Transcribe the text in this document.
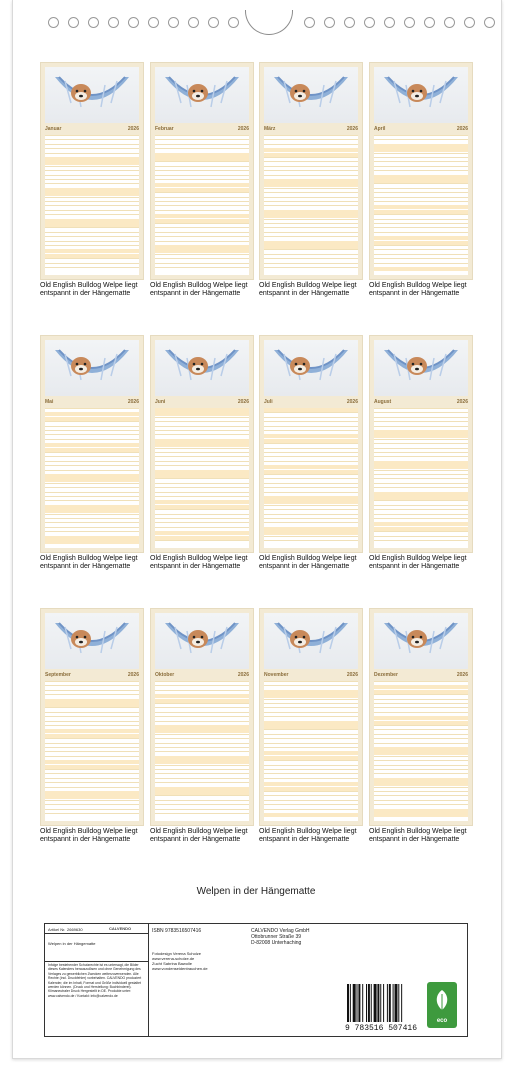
Januar	2026
Old English Bulldog Welpe liegt
entspannt in der Hängematte
Februar	2026
Old English Bulldog Welpe liegt
entspannt in der Hängematte
März	2026
Old English Bulldog Welpe liegt
entspannt in der Hängematte
April	2026
Old English Bulldog Welpe liegt
entspannt in der Hängematte
Mai	2026
Old English Bulldog Welpe liegt
entspannt in der Hängematte
Juni	2026
Old English Bulldog Welpe liegt
entspannt in der Hängematte
Juli	2026
Old English Bulldog Welpe liegt
entspannt in der Hängematte
August	2026
Old English Bulldog Welpe liegt
entspannt in der Hängematte
September	2026
Old English Bulldog Welpe liegt
entspannt in der Hängematte
Oktober	2026
Old English Bulldog Welpe liegt
entspannt in der Hängematte
November	2026
Old English Bulldog Welpe liegt
entspannt in der Hängematte
Dezember	2026
Old English Bulldog Welpe liegt
entspannt in der Hängematte
Welpen in der Hängematte
Artikel Nr. 2669630	CALVENDO
Welpen in der Hängematte
Infolge bestehender Schutzrechte ist es untersagt, die Bilder dieses Kalenders herauszulösen und ohne Genehmigung des Verlages zu gewerblichen Zwecken weiterzuverwenden. Alle Rechte (incl. Druckfehler) vorbehalten. CALVENDO produziert Kalender, die im Inhalt, Format und Größe individuell gestaltet werden können. (Druck und Herstellung: Buchbinderei). Klimaneutraler Druck Hergestellt in DE. Produkte unter: www.calvendo.de / Kontakt: info@calvendo.de
ISBN 9783516507416
Fotodesign Verena Scholze
www.verena-scholze.de
Zucht Sabrina Bawolle
www.vondenseidentrauchen.de
CALVENDO Verlag GmbH
Ottobrunner Straße 39
D-82008 Unterhaching
9 783516 507416
eco
